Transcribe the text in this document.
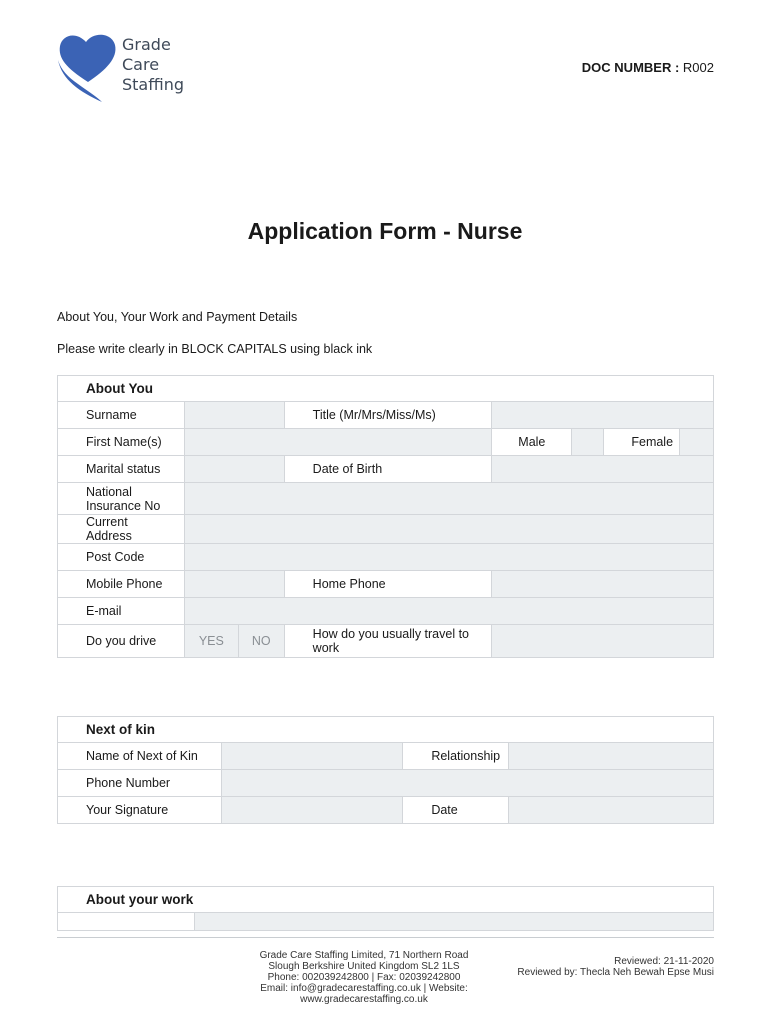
Grade
Care
Staffing
DOC NUMBER : R002
Application Form - Nurse
About You, Your Work and Payment Details
Please write clearly in BLOCK CAPITALS using black ink
About You							
Surname			Title (Mr/Mrs/Miss/Ms)				
First Name(s)				Male		Female	
Marital status			Date of Birth				

National
Insurance No							

Current Address							
Post Code							
Mobile Phone			Home Phone				
E-mail							
Do you drive	YES	NO	How do you usually travel to
work				

Next of kin			
Name of Next of Kin		Relationship	
Phone Number			
Your Signature		Date	
About your work

Grade Care Staffing Limited, 71 Northern Road
Slough Berkshire United Kingdom SL2 1LS
Phone: 002039242800 | Fax: 02039242800
Email: info@gradecarestaffing.co.uk | Website:
www.gradecarestaffing.co.uk
Reviewed: 21-11-2020
Reviewed by: Thecla Neh Bewah Epse Musi
